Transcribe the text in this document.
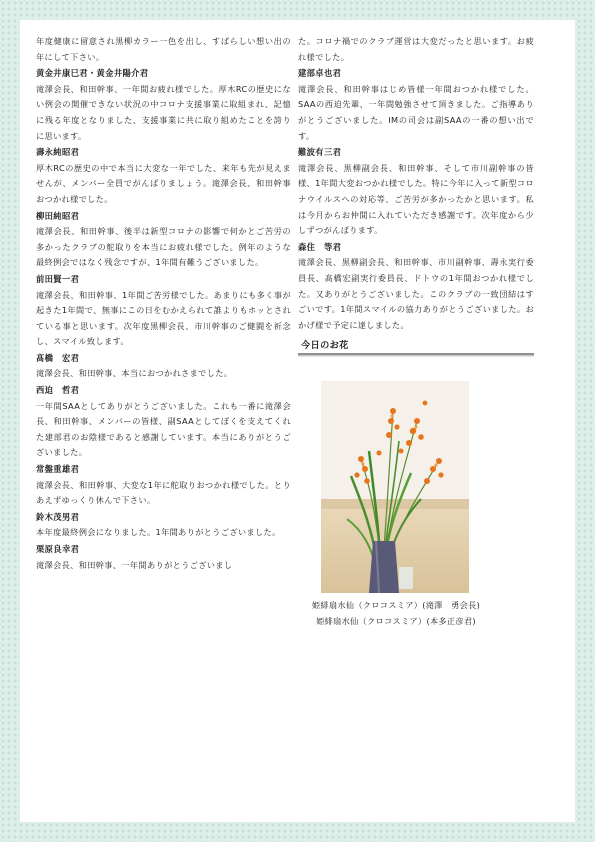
年度健康に留意され黒柳カラー一色を出し、すばらしい想い出の年にして下さい。
黄金井康巳君・黄金井陽介君
滝澤会長、和田幹事、一年間お疲れ様でした。厚木RCの歴史にない例会の開催できない状況の中コロナ支援事業に取組まれ、記憶に残る年度となりました、支援事業に共に取り組めたことを誇りに思います。
壽永純昭君
厚木RCの歴史の中で本当に大変な一年でした、来年も先が見えませんが、メンバー全員でがんばりましょう。滝澤会長、和田幹事おつかれ様でした。
柳田純昭君
滝澤会長、和田幹事、後半は新型コロナの影響で何かとご苦労の多かったクラブの舵取りを本当にお疲れ様でした。例年のような最終例会ではなく残念ですが、1年間有難うございました。
前田賢一君
滝澤会長、和田幹事、1年間ご苦労様でした。あまりにも多く事が起きた1年間で、無事にこの日をむかえられて誰よりもホッとされている事と思います。次年度黒柳会長、市川幹事のご健闘を祈念し、スマイル致します。
髙橋　宏君
滝澤会長、和田幹事、本当におつかれさまでした。
西迫　哲君
一年間SAAとしてありがとうございました。これも一番に滝澤会長、和田幹事、メンバーの皆様、副SAAとしてぼくを支えてくれた建部君のお陰様であると感謝しています。本当にありがとうございました。
常盤重雄君
滝澤会長、和田幹事、大変な1年に舵取りおつかれ様でした。とりあえずゆっくり休んで下さい。
鈴木茂男君
本年度最終例会になりました。1年間ありがとうございました。
栗原良幸君
滝澤会長、和田幹事、一年間ありがとうございまし
た。コロナ禍でのクラブ運営は大変だったと思います。お疲れ様でした。
建部卓也君
滝澤会長、和田幹事はじめ皆様一年間おつかれ様でした。SAAの西迫先輩、一年間勉強させて頂きました。ご指導ありがとうございました。IMの司会は副SAAの一番の想い出です。
難波有三君
滝澤会長、黒柳副会長、和田幹事、そして市川副幹事の皆様、1年間大変おつかれ様でした。特に今年に入って新型コロナウイルスへの対応等、ご苦労が多かったかと思います。私は今月からお仲間に入れていただき感謝です。次年度から少しずつがんばります。
森住　等君
滝澤会長、黒柳副会長、和田幹事、市川副幹事、壽永実行委員長、髙橋宏副実行委員長、ドトウの1年間おつかれ様でした。又ありがとうございました。このクラブの一致団結はすごいです。1年間スマイルの協力ありがとうございました。おかげ様で予定に達しました。
今日のお花
姫緋扇水仙（クロコスミア）(滝澤　勇会長)
姫緋扇水仙（クロコスミア）(本多正彦君)
